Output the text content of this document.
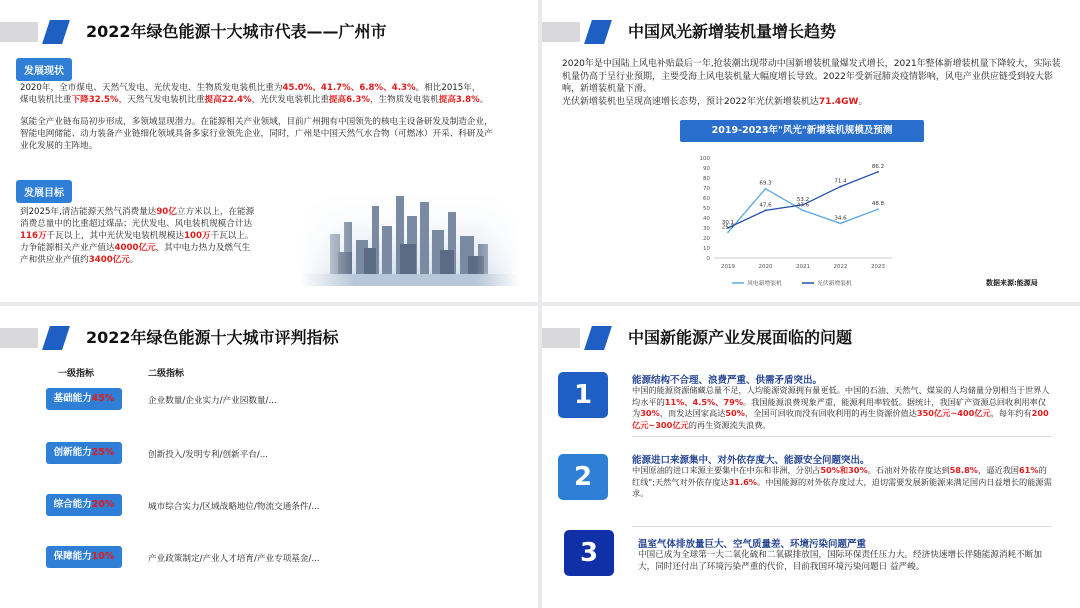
2022年绿色能源十大城市代表——广州市
发展现状
2020年，全市煤电、天然气发电、光伏发电、生物质发电装机比重为45.0%、41.7%、6.8%、4.3%。相比2015年，
煤电装机比重下降32.5%，天然气发电装机比重提高22.4%，光伏发电装机比重提高6.3%，生物质发电装机提高3.8%。
氢能全产业链布局初步形成，多领域显现潜力。在能源相关产业领域，目前广州拥有中国领先的核电主设备研发及制造企业，智能电网储能、动力装备产业链细化领域具备多家行业领先企业，同时，广州是中国天然气水合物（可燃冰）开采、科研及产业化发展的主阵地。
发展目标
到2025年,清洁能源天然气消费量达90亿立方米以上，在能源消费总量中的比重超过煤品；光伏发电、风电装机规模合计达116万千瓦以上，其中光伏发电装机规模达100万千瓦以上。力争能源相关产业产值达4000亿元，其中电力热力及燃气生产和供应业产值约3400亿元。
中国风光新增装机量增长趋势
2020年是中国陆上风电补贴最后一年,抢装潮出现带动中国新增装机量爆发式增长，2021年整体新增装机量下降较大，实际装机量仍高于呈行业预期，主要受海上风电装机量大幅度增长导致。2022年受新冠肺炎疫情影响，风电产业供应链受到较大影响，新增装机量下滑。
光伏新增装机也呈现高速增长态势，预计2022年光伏新增装机达71.4GW。
2019-2023年"风光"新增装机规模及预测
0
10
20
30
40
50
60
70
80
90
100
2019	2020	2021	2022	2023
25.7
69.3
47.6
34.6
48.8
30.1
47.6
53.2
71.4
86.2
风电新增装机	光伏新增装机	数据来源:能源局
2022年绿色能源十大城市评判指标
一级指标	二级指标
基础能力45%	企业数量/企业实力/产业园数量/...
创新能力25%	创新投入/发明专利/创新平台/...
综合能力20%	城市综合实力/区域战略地位/物流交通条件/...
保障能力10%	产业政策制定/产业人才培育/产业专项基金/...
中国新能源产业发展面临的问题
1	能源结构不合理、浪费严重、供需矛盾突出。
中国的能源资源储藏总量不足，人均能源资源拥有量更低。中国的石油、天然气、煤炭的人均储量分别相当于世界人均水平的11%、4.5%、79%。我国能源浪费现象严重，能源利用率较低。据统计，我国矿产资源总回收利用率仅为30%，而发达国家高达50%，全国可回收而没有回收利用的再生资源价值达350亿元~400亿元，每年约有200亿元~300亿元的再生资源流失浪费。
2
能源进口来源集中、对外依存度大、能源安全问题突出。
中国原油的进口来源主要集中在中东和非洲，分别占50%和30%。石油对外依存度达到58.8%，逼近我国61%的红线";天然气对外依存度达31.6%。中国能源的对外依存度过大，迫切需要发展新能源来满足国内日益增长的能源需求。
3	温室气体排放量巨大、空气质量差、环境污染问题严重
中国已成为全球第一大二氧化硫和二氧碳排放国，国际环保责任压力大。经济快速增长伴随能源消耗不断加大，同时还付出了环境污染严重的代价，目前我国环境污染问题日 益严峻。
